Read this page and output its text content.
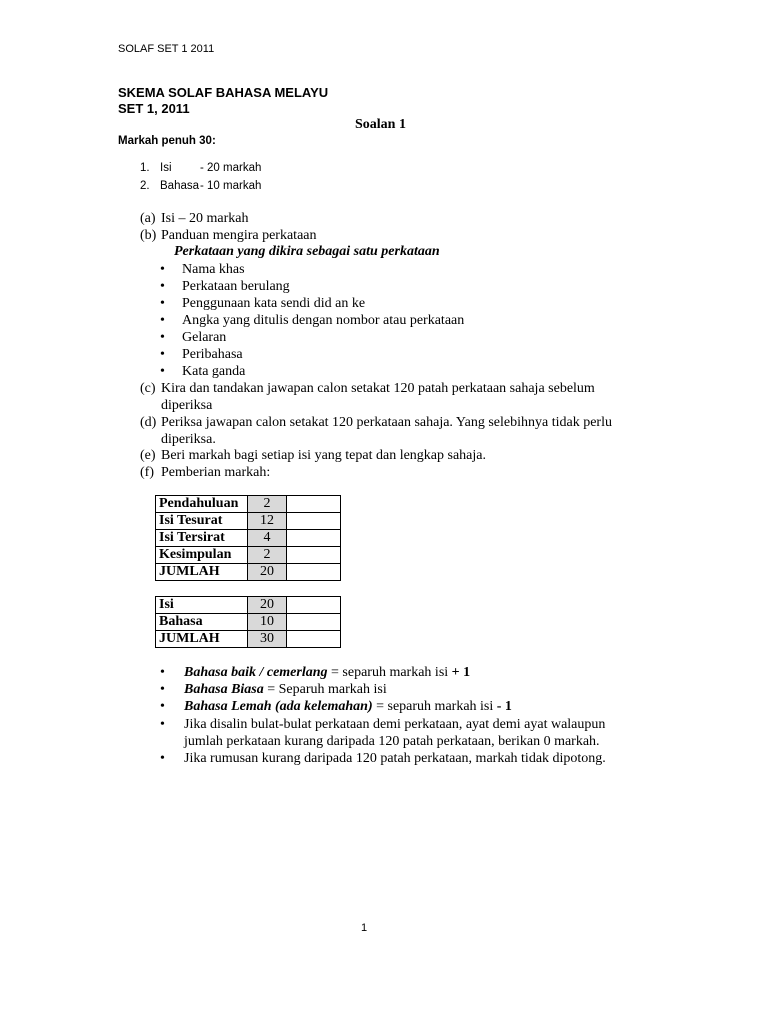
SOLAF SET 1 2011
SKEMA SOLAF BAHASA MELAYU
SET 1, 2011
Soalan 1
Markah penuh 30:
1. Isi - 20 markah
2. Bahasa- 10 markah
(a) Isi – 20 markah
(b) Panduan mengira perkataan
Perkataan yang dikira sebagai satu perkataan
• Nama khas
• Perkataan berulang
• Penggunaan kata sendi did an ke
• Angka yang ditulis dengan nombor atau perkataan
• Gelaran
• Peribahasa
• Kata ganda
(c) Kira dan tandakan jawapan calon setakat 120 patah perkataan sahaja sebelum diperiksa
(d) Periksa jawapan calon setakat 120 perkataan sahaja. Yang selebihnya tidak perlu diperiksa.
(e) Beri markah bagi setiap isi yang tepat dan lengkap sahaja.
(f) Pemberian markah:
Pendahuluan	2	
Isi Tesurat	12	
Isi Tersirat	4	
Kesimpulan	2	
JUMLAH	20	
Isi	20	
Bahasa	10	
JUMLAH	30	
• Bahasa baik / cemerlang = separuh markah isi + 1
• Bahasa Biasa = Separuh markah isi
• Bahasa Lemah (ada kelemahan) = separuh markah isi - 1
• Jika disalin bulat-bulat perkataan demi perkataan, ayat demi ayat walaupun jumlah perkataan kurang daripada 120 patah perkataan, berikan 0 markah.
• Jika rumusan kurang daripada 120 patah perkataan, markah tidak dipotong.
1
